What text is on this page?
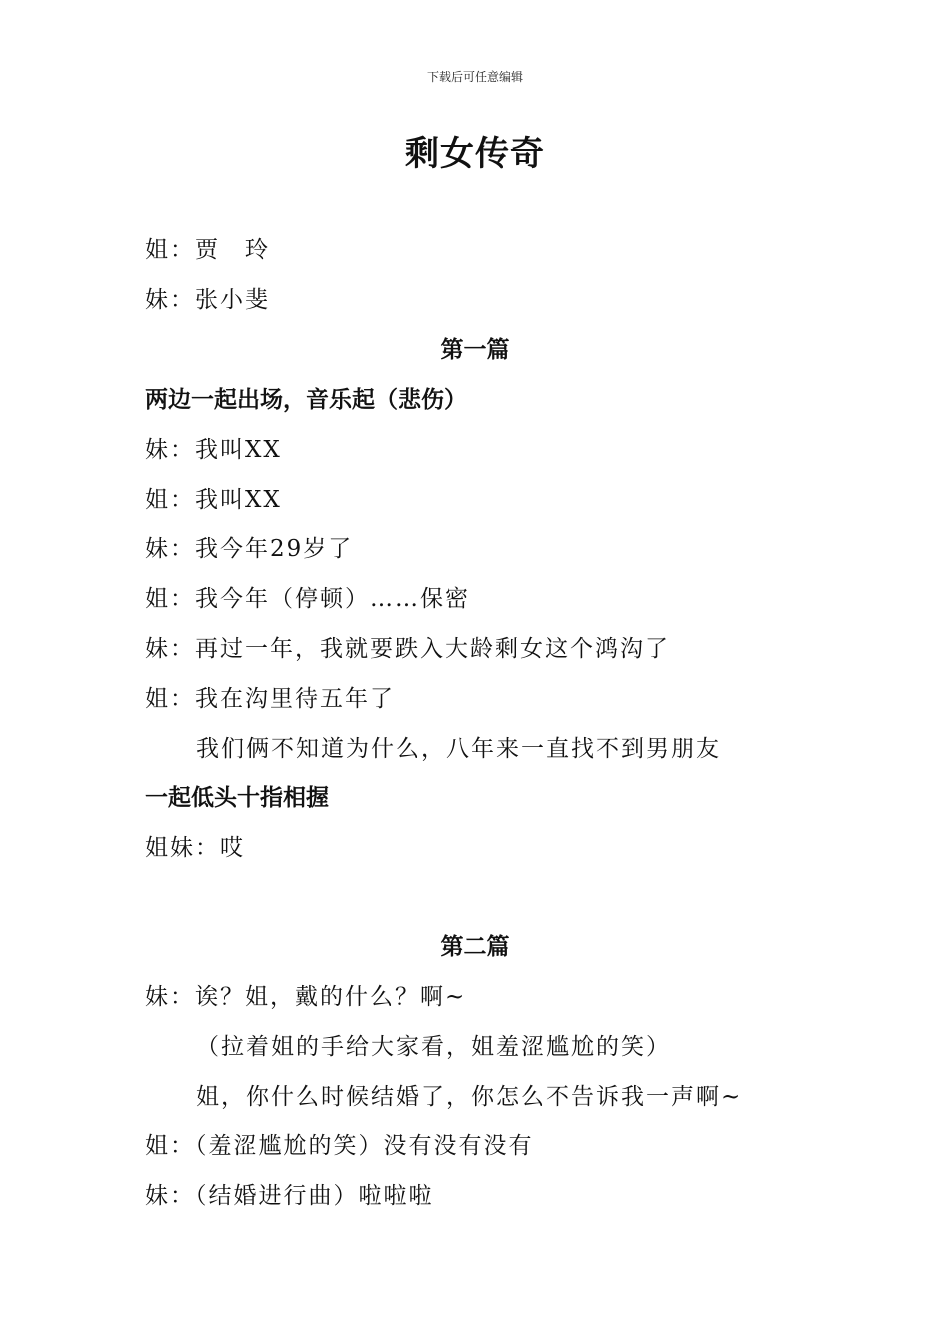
下载后可任意编辑
剩女传奇
姐：贾　玲
妹：张小斐
第一篇
两边一起出场，音乐起（悲伤）
妹：我叫XX
姐：我叫XX
妹：我今年29岁了
姐：我今年（停顿）……保密
妹：再过一年，我就要跌入大龄剩女这个鸿沟了
姐：我在沟里待五年了
我们俩不知道为什么，八年来一直找不到男朋友
一起低头十指相握
姐妹：哎
第二篇
妹：诶？姐，戴的什么？啊~
（拉着姐的手给大家看，姐羞涩尴尬的笑）
姐，你什么时候结婚了，你怎么不告诉我一声啊~
姐：（羞涩尴尬的笑）没有没有没有
妹：（结婚进行曲）啦啦啦
